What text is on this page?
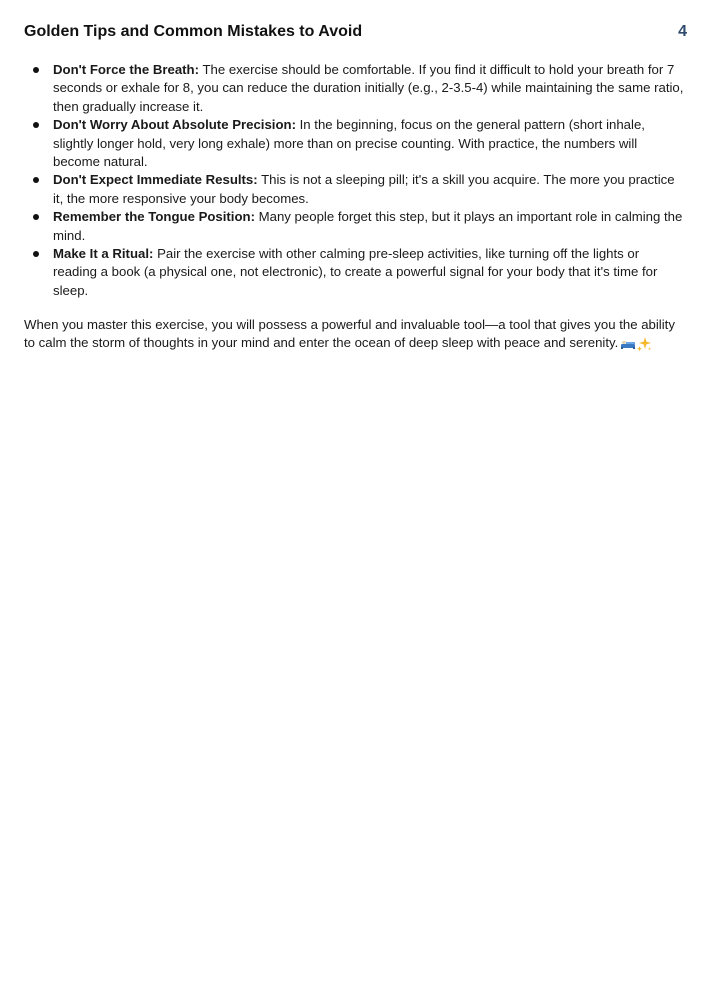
Golden Tips and Common Mistakes to Avoid	4
Don't Force the Breath: The exercise should be comfortable. If you find it difficult to hold your breath for 7 seconds or exhale for 8, you can reduce the duration initially (e.g., 2-3.5-4) while maintaining the same ratio, then gradually increase it.
Don't Worry About Absolute Precision: In the beginning, focus on the general pattern (short inhale, slightly longer hold, very long exhale) more than on precise counting. With practice, the numbers will become natural.
Don't Expect Immediate Results: This is not a sleeping pill; it's a skill you acquire. The more you practice it, the more responsive your body becomes.
Remember the Tongue Position: Many people forget this step, but it plays an important role in calming the mind.
Make It a Ritual: Pair the exercise with other calming pre-sleep activities, like turning off the lights or reading a book (a physical one, not electronic), to create a powerful signal for your body that it's time for sleep.

When you master this exercise, you will possess a powerful and invaluable tool—a tool that gives you the ability to calm the storm of thoughts in your mind and enter the ocean of deep sleep with peace and serenity.
